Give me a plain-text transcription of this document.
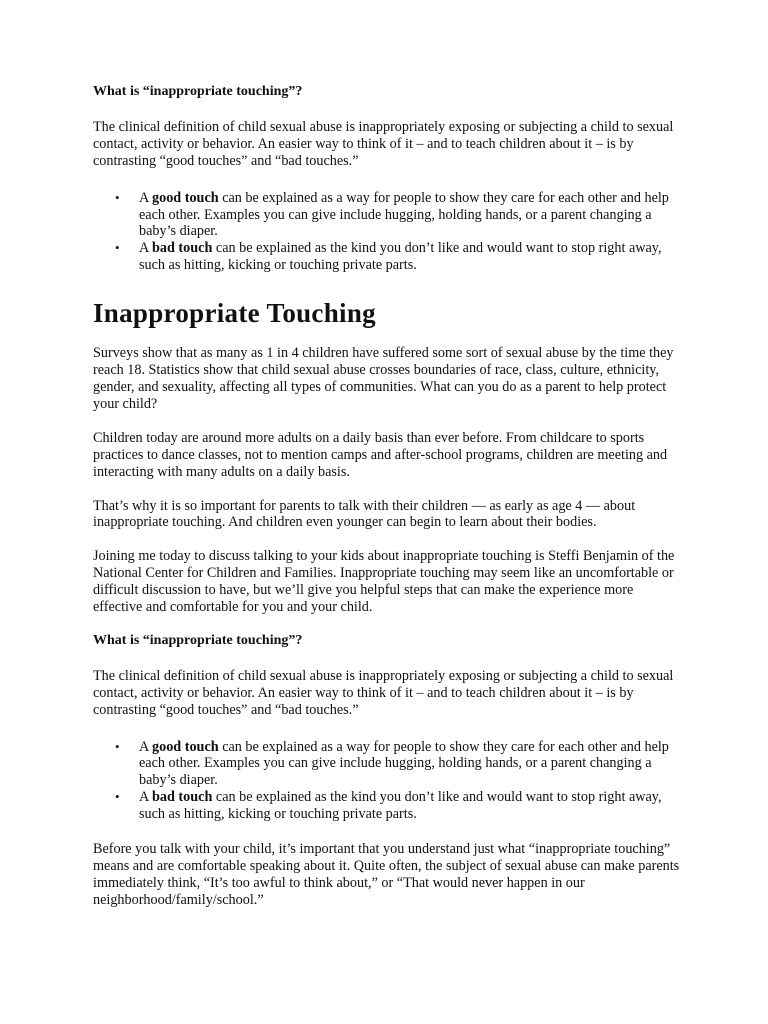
What is “inappropriate touching”?

The clinical definition of child sexual abuse is inappropriately exposing or subjecting a child to sexual contact, activity or behavior. An easier way to think of it – and to teach children about it – is by contrasting “good touches” and “bad touches.”

• A good touch can be explained as a way for people to show they care for each other and help each other. Examples you can give include hugging, holding hands, or a parent changing a baby’s diaper.
• A bad touch can be explained as the kind you don’t like and would want to stop right away, such as hitting, kicking or touching private parts.
Inappropriate Touching

Surveys show that as many as 1 in 4 children have suffered some sort of sexual abuse by the time they reach 18. Statistics show that child sexual abuse crosses boundaries of race, class, culture, ethnicity, gender, and sexuality, affecting all types of communities. What can you do as a parent to help protect your child?

Children today are around more adults on a daily basis than ever before. From childcare to sports practices to dance classes, not to mention camps and after-school programs, children are meeting and interacting with many adults on a daily basis.

That’s why it is so important for parents to talk with their children — as early as age 4 — about inappropriate touching. And children even younger can begin to learn about their bodies.

Joining me today to discuss talking to your kids about inappropriate touching is Steffi Benjamin of the National Center for Children and Families. Inappropriate touching may seem like an uncomfortable or difficult discussion to have, but we’ll give you helpful steps that can make the experience more effective and comfortable for you and your child.

What is “inappropriate touching”?

The clinical definition of child sexual abuse is inappropriately exposing or subjecting a child to sexual contact, activity or behavior. An easier way to think of it – and to teach children about it – is by contrasting “good touches” and “bad touches.”

• A good touch can be explained as a way for people to show they care for each other and help each other. Examples you can give include hugging, holding hands, or a parent changing a baby’s diaper.
• A bad touch can be explained as the kind you don’t like and would want to stop right away, such as hitting, kicking or touching private parts.

Before you talk with your child, it’s important that you understand just what “inappropriate touching” means and are comfortable speaking about it. Quite often, the subject of sexual abuse can make parents immediately think, “It’s too awful to think about,” or “That would never happen in our neighborhood/family/school.”
